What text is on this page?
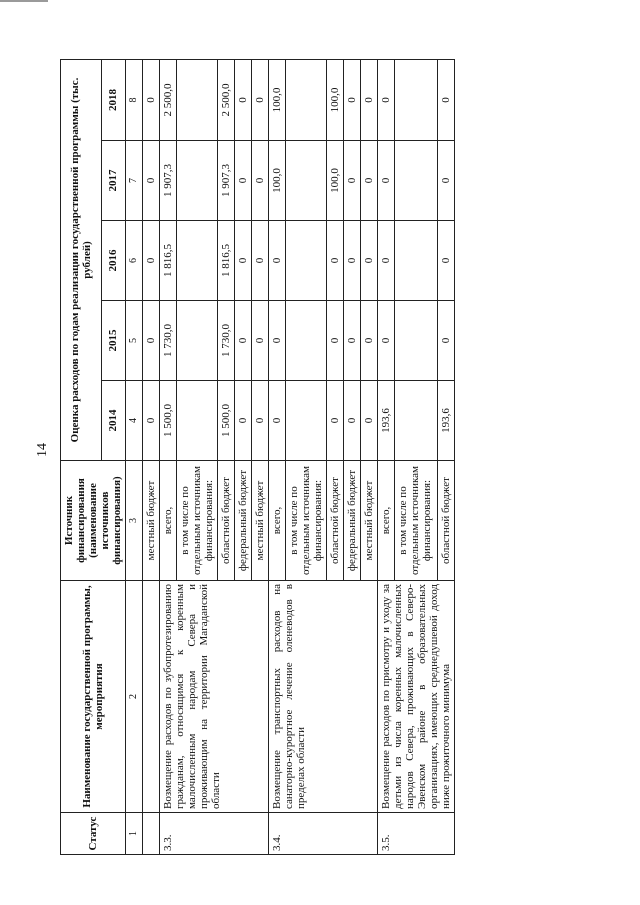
14
Статус	Наименование государственной программы, мероприятия	Источник финансирования (наименование источников финансирования)	Оценка расходов по годам реализации государственной программы (тыс. рублей)				
			2014	2015	2016	2017	2018
1	2	3	4	5	6	7	8
		местный бюджет	0	0	0	0	0
3.3.	Возмещение расходов по зубопротезированию гражданам, относящимся к коренным малочисленным народам Севера и проживающим на территории Магаданской области	всего,	1 500,0	1 730,0	1 816,5	1 907,3	2 500,0
		в том числе по отдельным источникам финансирования:					
		областной бюджет	1 500,0	1 730,0	1 816,5	1 907,3	2 500,0
		федеральный бюджет	0	0	0	0	0
		местный бюджет	0	0	0	0	0
3.4.	Возмещение транспортных расходов на санаторно-курортное лечение оленеводов в пределах области	всего,	0	0	0	100,0	100,0
		в том числе по отдельным источникам финансирования:					
		областной бюджет	0	0	0	100,0	100,0
		федеральный бюджет	0	0	0	0	0
		местный бюджет	0	0	0	0	0
3.5.	Возмещение расходов по присмотру и уходу за детьми из числа коренных малочисленных народов Севера, проживающих в Северо-Эвенском районе в образовательных организациях, имеющих среднедушевой доход ниже прожиточного минимума	всего,	193,6	0	0	0	0
		в том числе по отдельным источникам финансирования:					
		областной бюджет	193,6	0	0	0	0
